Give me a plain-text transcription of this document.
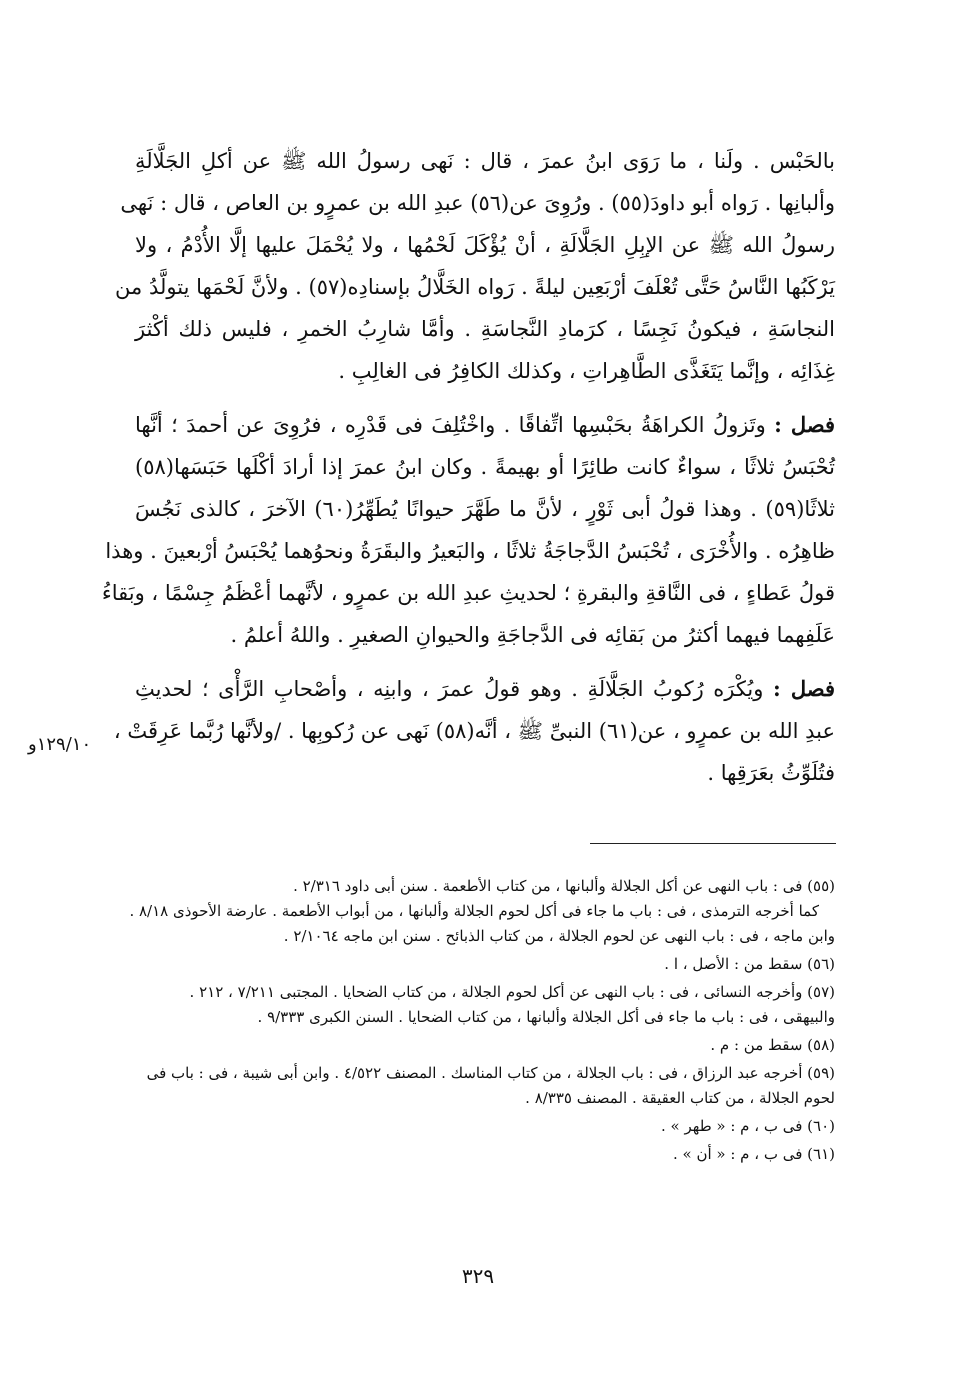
بالحَبْس . ولَنا ، ما رَوَى ابنُ عمرَ ، قال : نَهى رسولُ الله ﷺ عن أكلِ الجَلَّالَةِ
وألبانِها . رَواه أبو داودَ(٥٥) . ورُوِىَ عن(٥٦) عبدِ الله بن عمرٍو بن العاص ، قال : نَهى
رسولُ الله ﷺ عن الإبِلِ الجَلَّالَةِ ، أنْ يُؤْكَلَ لَحْمُها ، ولا يُحْمَلَ عليها إلَّا الأُدْمُ ، ولا
يَرْكَبُها النَّاسُ حَتَّى تُعْلَفَ أرْبَعِين ليلةً . رَواه الخَلَّالُ بإسنادِه(٥٧) . ولأنَّ لَحْمَها يتولَّدُ من
النجاسَةِ ، فيكونُ نَجِسًا ، كرَمادِ النَّجاسَةِ . وأمَّا شارِبُ الخمرِ ، فليس ذلك أكْثرَ
غِذَائِه ، وإنَّما يَتَغَذَّى الطَّاهِراتِ ، وكذلك الكافِرُ فى الغالِبِ .
فصل : وتَزولُ الكراهَةُ بحَبْسِها اتِّفاقًا . واخْتُلِفَ فى قَدْرِه ، فرُوِىَ عن أحمدَ ؛ أنَّها
تُحْبَسُ ثلاثًا ، سواءٌ كانت طائِرًا أو بهيمةً . وكان ابنُ عمرَ إذا أرادَ أكْلَها حَبَسَها(٥٨)
ثلاثًا(٥٩) . وهذا قولُ أبى ثَوْرٍ ، لأنَّ ما طَهَّرَ حيوانًا يُطَهِّرُ(٦٠) الآخرَ ، كالذى نَجُسَ
ظاهِرُه . والأُخْرَى ، تُحْبَسُ الدَّجاجَةُ ثلاثًا ، والبَعيرُ والبقَرَةُ ونحوُهما يُحْبَسُ أرْبعينَ . وهذا
قولُ عَطاءٍ ، فى النَّاقةِ والبقرةِ ؛ لحديثِ عبدِ الله بن عمرٍو ، لأنَّهما أعْظَمُ جِسْمًا ، وبَقاءُ
عَلَفِهما فيهما أكثرُ من بَقائِه فى الدَّجاجَةِ والحيوانِ الصغيرِ . واللهُ أعلمُ .
فصل : ويُكْرَه رُكوبُ الجَلَّالَةِ . وهو قولُ عمرَ ، وابنِه ، وأصْحابِ الرَّأْى ؛ لحديثِ
عبدِ الله بن عمرٍو ، عن(٦١) النبىِّ ﷺ ، أنَّه(٥٨) نَهى عن رُكوبِها . /ولأنَّها رُبَّما عَرِقَتْ ،
فتُلَوِّثُ بعَرَقِها .
١٢٩/١٠و
(٥٥) فى : باب النهى عن أكل الجلالة وألبانها ، من كتاب الأطعمة . سنن أبى داود ٢/٣١٦ .
كما أخرجه الترمذى ، فى : باب ما جاء فى أكل لحوم الجلالة وألبانها ، من أبواب الأطعمة . عارضة الأحوذى ٨/١٨ .
وابن ماجه ، فى : باب النهى عن لحوم الجلالة ، من كتاب الذبائح . سنن ابن ماجه ٢/١٠٦٤ .
(٥٦) سقط من : الأصل ، ا .
(٥٧) وأخرجه النسائى ، فى : باب النهى عن أكل لحوم الجلالة ، من كتاب الضحايا . المجتبى ٧/٢١١ ، ٢١٢ .
والبيهقى ، فى : باب ما جاء فى أكل الجلالة وألبانها ، من كتاب الضحايا . السنن الكبرى ٩/٣٣٣ .
(٥٨) سقط من : م .
(٥٩) أخرجه عبد الرزاق ، فى : باب الجلالة ، من كتاب المناسك . المصنف ٤/٥٢٢ . وابن أبى شيبة ، فى : باب فى
لحوم الجلالة ، من كتاب العقيقة . المصنف ٨/٣٣٥ .
(٦٠) فى ب ، م : « طهر » .
(٦١) فى ب ، م : « أن » .
٣٢٩
